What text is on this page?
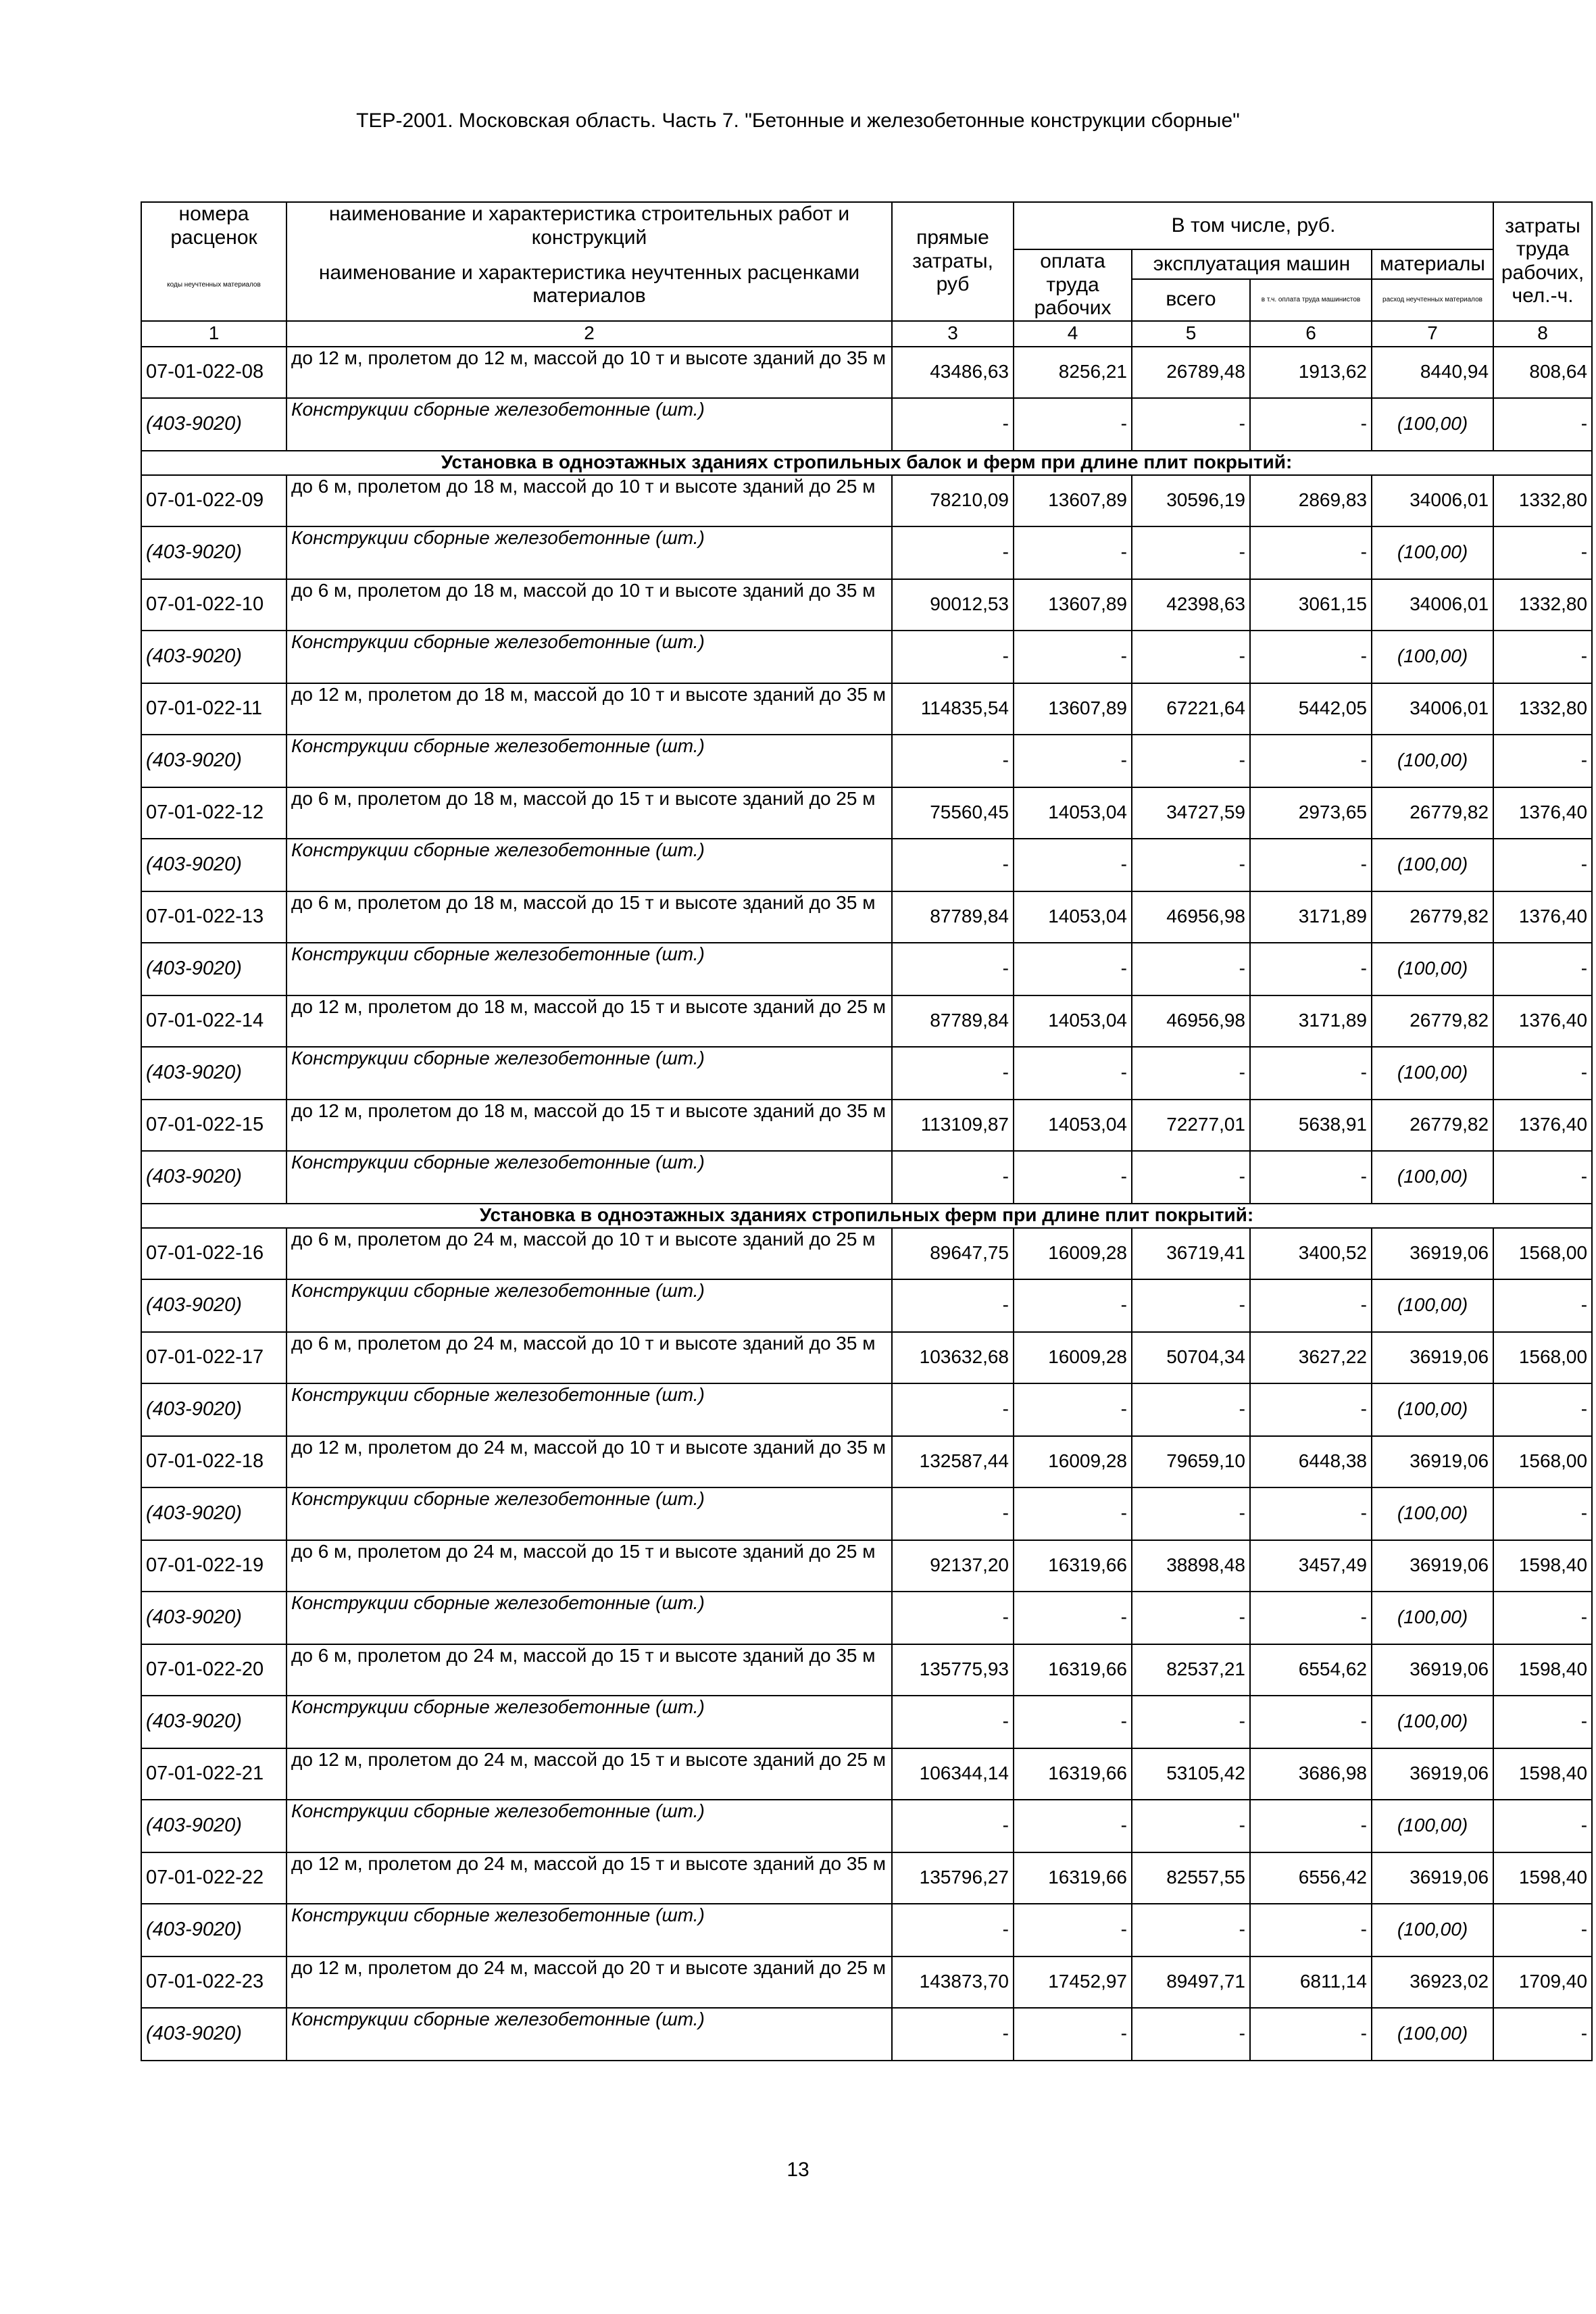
ТЕР-2001. Московская область. Часть 7. "Бетонные и железобетонные конструкции сборные"
номера расценок	наименование и характеристика строительных работ и конструкций	прямые затраты, руб	В том числе, руб.				затраты труда рабочих, чел.-ч.
коды неучтенных материалов	наименование и характеристика неучтенных расценками материалов		оплата труда рабочих	эксплуатация машин		материалы	
				всего	в т.ч. оплата труда машинистов	расход неучтенных материалов	
1	2	3	4	5	6	7	8
07-01-022-08	до 12 м, пролетом до 12 м, массой до 10 т и высоте зданий до 35 м	43486,63	8256,21	26789,48	1913,62	8440,94	808,64
(403-9020)	Конструкции сборные железобетонные (шт.)	-	-	-	-	(100,00)	-
Установка в одноэтажных зданиях стропильных балок и ферм при длине плит покрытий:							
07-01-022-09	до 6 м, пролетом до 18 м, массой до 10 т и высоте зданий до 25 м	78210,09	13607,89	30596,19	2869,83	34006,01	1332,80
(403-9020)	Конструкции сборные железобетонные (шт.)	-	-	-	-	(100,00)	-
07-01-022-10	до 6 м, пролетом до 18 м, массой до 10 т и высоте зданий до 35 м	90012,53	13607,89	42398,63	3061,15	34006,01	1332,80
(403-9020)	Конструкции сборные железобетонные (шт.)	-	-	-	-	(100,00)	-
07-01-022-11	до 12 м, пролетом до 18 м, массой до 10 т и высоте зданий до 35 м	114835,54	13607,89	67221,64	5442,05	34006,01	1332,80
(403-9020)	Конструкции сборные железобетонные (шт.)	-	-	-	-	(100,00)	-
07-01-022-12	до 6 м, пролетом до 18 м, массой до 15 т и высоте зданий до 25 м	75560,45	14053,04	34727,59	2973,65	26779,82	1376,40
(403-9020)	Конструкции сборные железобетонные (шт.)	-	-	-	-	(100,00)	-
07-01-022-13	до 6 м, пролетом до 18 м, массой до 15 т и высоте зданий до 35 м	87789,84	14053,04	46956,98	3171,89	26779,82	1376,40
(403-9020)	Конструкции сборные железобетонные (шт.)	-	-	-	-	(100,00)	-
07-01-022-14	до 12 м, пролетом до 18 м, массой до 15 т и высоте зданий до 25 м	87789,84	14053,04	46956,98	3171,89	26779,82	1376,40
(403-9020)	Конструкции сборные железобетонные (шт.)	-	-	-	-	(100,00)	-
07-01-022-15	до 12 м, пролетом до 18 м, массой до 15 т и высоте зданий до 35 м	113109,87	14053,04	72277,01	5638,91	26779,82	1376,40
(403-9020)	Конструкции сборные железобетонные (шт.)	-	-	-	-	(100,00)	-
Установка в одноэтажных зданиях стропильных ферм при длине плит покрытий:							
07-01-022-16	до 6 м, пролетом до 24 м, массой до 10 т и высоте зданий до 25 м	89647,75	16009,28	36719,41	3400,52	36919,06	1568,00
(403-9020)	Конструкции сборные железобетонные (шт.)	-	-	-	-	(100,00)	-
07-01-022-17	до 6 м, пролетом до 24 м, массой до 10 т и высоте зданий до 35 м	103632,68	16009,28	50704,34	3627,22	36919,06	1568,00
(403-9020)	Конструкции сборные железобетонные (шт.)	-	-	-	-	(100,00)	-
07-01-022-18	до 12 м, пролетом до 24 м, массой до 10 т и высоте зданий до 35 м	132587,44	16009,28	79659,10	6448,38	36919,06	1568,00
(403-9020)	Конструкции сборные железобетонные (шт.)	-	-	-	-	(100,00)	-
07-01-022-19	до 6 м, пролетом до 24 м, массой до 15 т и высоте зданий до 25 м	92137,20	16319,66	38898,48	3457,49	36919,06	1598,40
(403-9020)	Конструкции сборные железобетонные (шт.)	-	-	-	-	(100,00)	-
07-01-022-20	до 6 м, пролетом до 24 м, массой до 15 т и высоте зданий до 35 м	135775,93	16319,66	82537,21	6554,62	36919,06	1598,40
(403-9020)	Конструкции сборные железобетонные (шт.)	-	-	-	-	(100,00)	-
07-01-022-21	до 12 м, пролетом до 24 м, массой до 15 т и высоте зданий до 25 м	106344,14	16319,66	53105,42	3686,98	36919,06	1598,40
(403-9020)	Конструкции сборные железобетонные (шт.)	-	-	-	-	(100,00)	-
07-01-022-22	до 12 м, пролетом до 24 м, массой до 15 т и высоте зданий до 35 м	135796,27	16319,66	82557,55	6556,42	36919,06	1598,40
(403-9020)	Конструкции сборные железобетонные (шт.)	-	-	-	-	(100,00)	-
07-01-022-23	до 12 м, пролетом до 24 м, массой до 20 т и высоте зданий до 25 м	143873,70	17452,97	89497,71	6811,14	36923,02	1709,40
(403-9020)	Конструкции сборные железобетонные (шт.)	-	-	-	-	(100,00)	-
13
